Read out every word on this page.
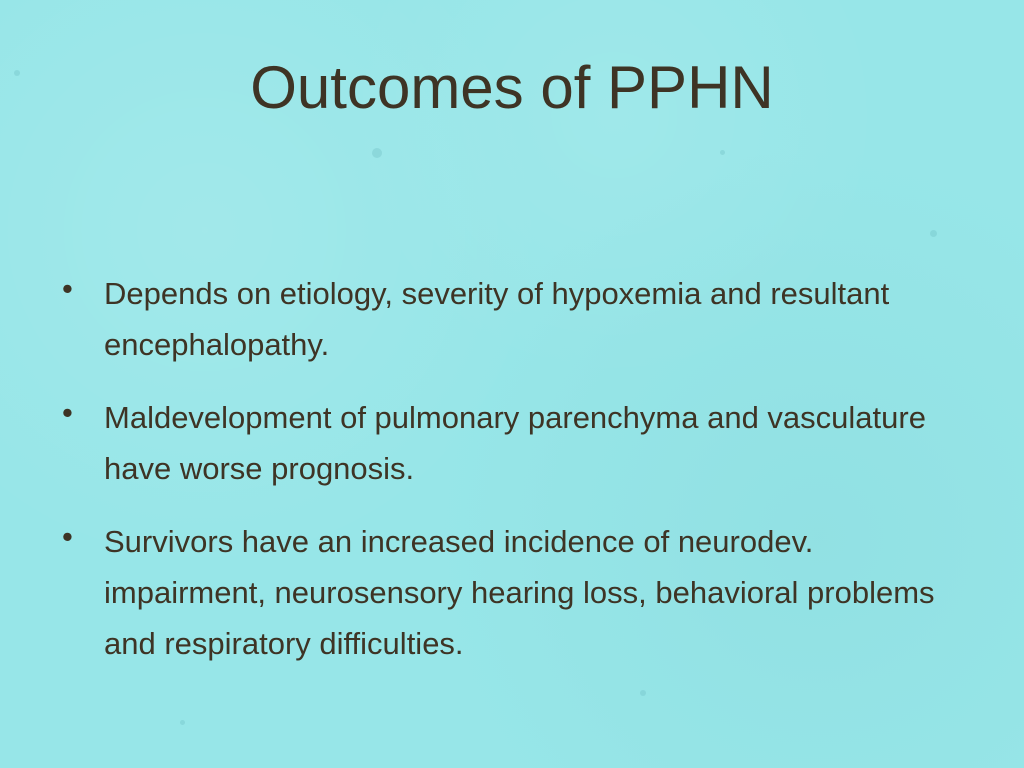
Outcomes of PPHN
• Depends on etiology, severity of hypoxemia and resultant encephalopathy.
• Maldevelopment of pulmonary parenchyma and vasculature have worse prognosis.
• Survivors have an increased incidence of neurodev. impairment, neurosensory hearing loss, behavioral problems and respiratory difficulties.
